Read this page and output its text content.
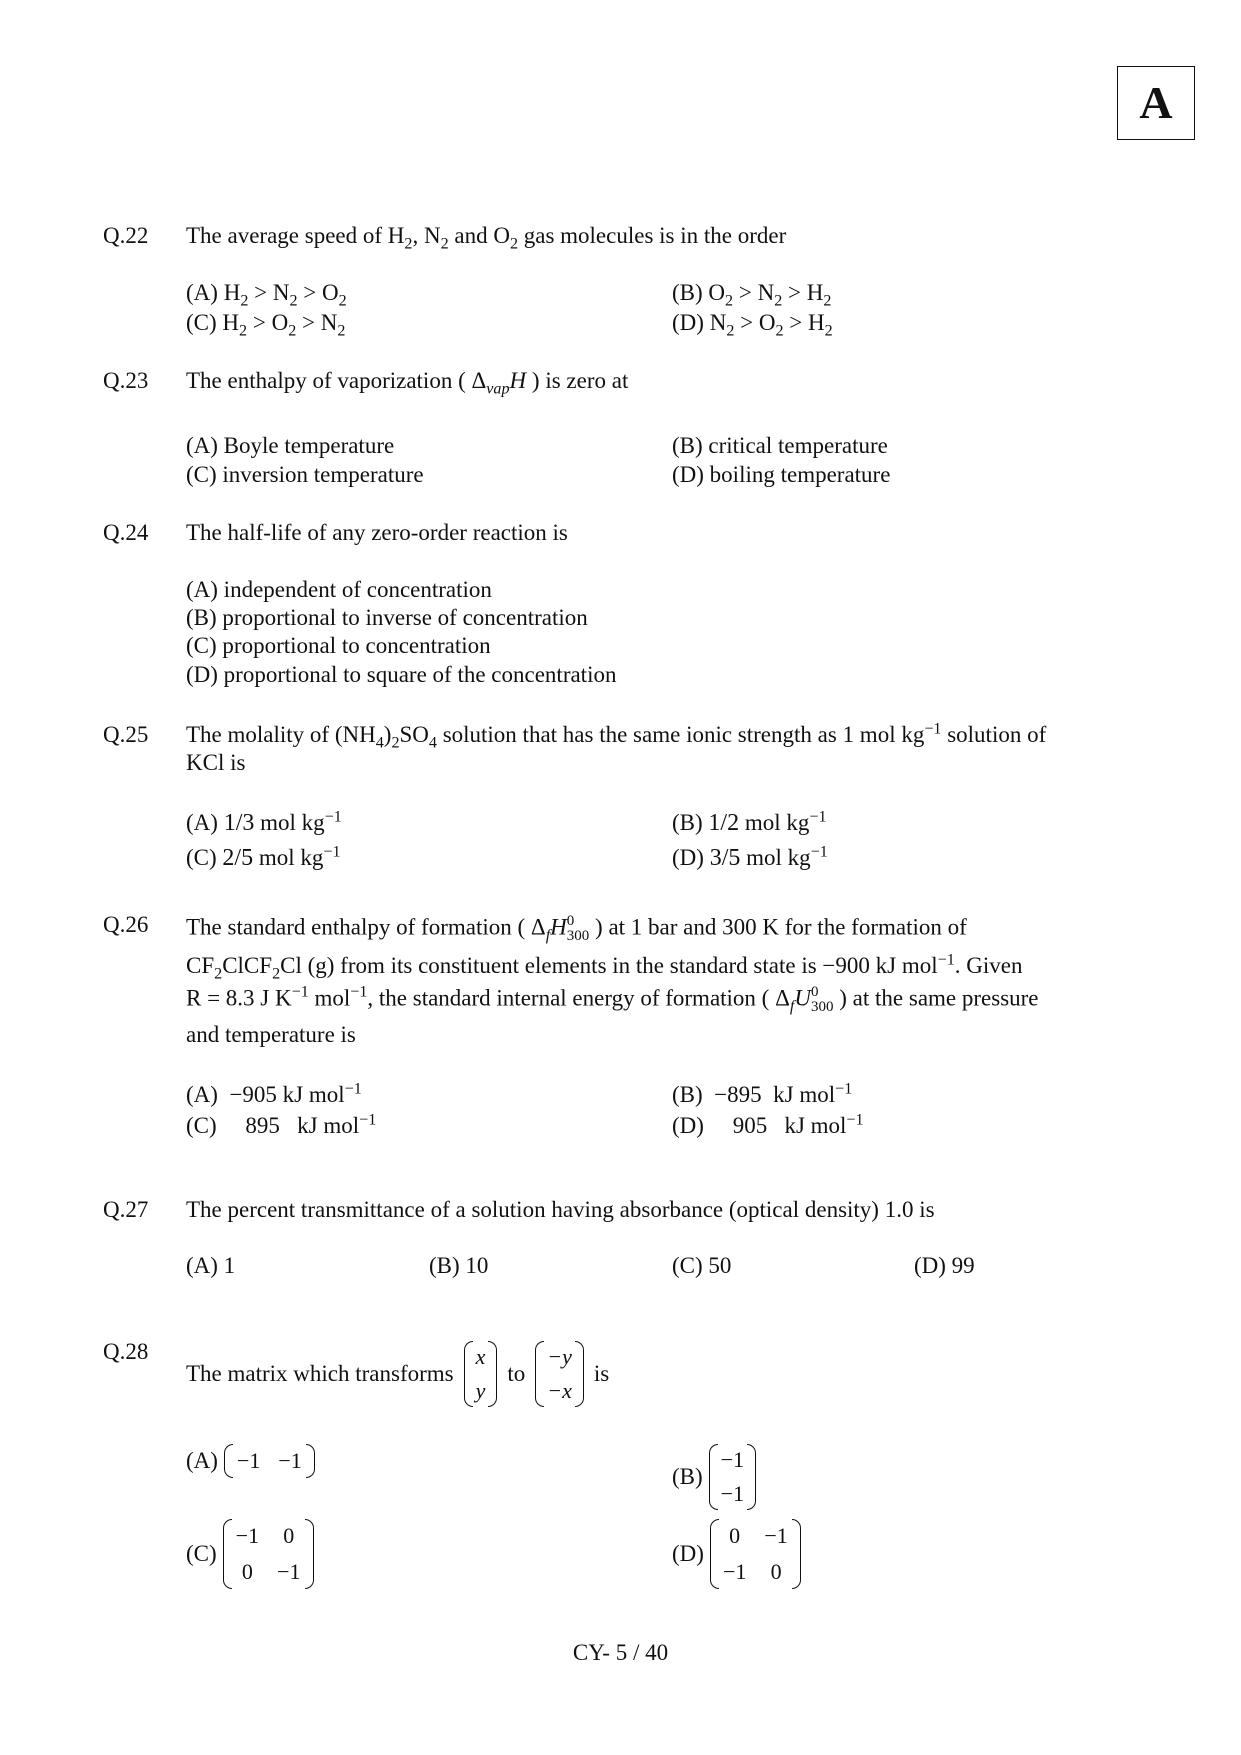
A
Q.22 The average speed of $H_2$, $N_2$ and $O_2$ gas molecules is in the order
(A) $H_2 > N_2 > O_2$	(B) $O_2 > N_2 > H_2$
(C) $H_2 > O_2 > N_2$	(D) $N_2 > O_2 > H_2$
Q.23 The enthalpy of vaporization ( $\Delta_{vap}H$ ) is zero at
(A) Boyle temperature	(B) critical temperature
(C) inversion temperature	(D) boiling temperature
Q.24 The half-life of any zero-order reaction is
(A) independent of concentration
(B) proportional to inverse of concentration
(C) proportional to concentration
(D) proportional to square of the concentration
Q.25 The molality of $(NH_4)_2SO_4$ solution that has the same ionic strength as 1 mol $kg^{-1}$ solution of
KCl is
(A) 1/3 mol $kg^{-1}$	(B) 1/2 mol $kg^{-1}$
(C) 2/5 mol $kg^{-1}$	(D) 3/5 mol $kg^{-1}$
Q.26 The standard enthalpy of formation ( $\Delta_fH$ 0
300 ) at 1 bar and 300 K for the formation of
$CF_2ClCF_2Cl$ (g) from its constituent elements in the standard state is −900 kJ mol$^{-1}$. Given
R = 8.3 J $K^{-1}$ mol$^{-1}$, the standard internal energy of formation ( $\Delta_fU$ 0
300 ) at the same pressure
and temperature is
(A) −905 kJ mol$^{-1}$	(B) −895  kJ mol$^{-1}$
(C) 895   kJ mol$^{-1}$	(D) 905   kJ mol$^{-1}$
Q.27 The percent transmittance of a solution having absorbance (optical density) 1.0 is
(A) 1	(B) 10	(C) 50	(D) 99
Q.28
The matrix which transforms
x
y
to
−y
−x
is
(A) −1 −1
(B)
−1
−1
(C)
−1 0
0 −1
(D)
0 −1
−1 0
CY- 5 / 40
